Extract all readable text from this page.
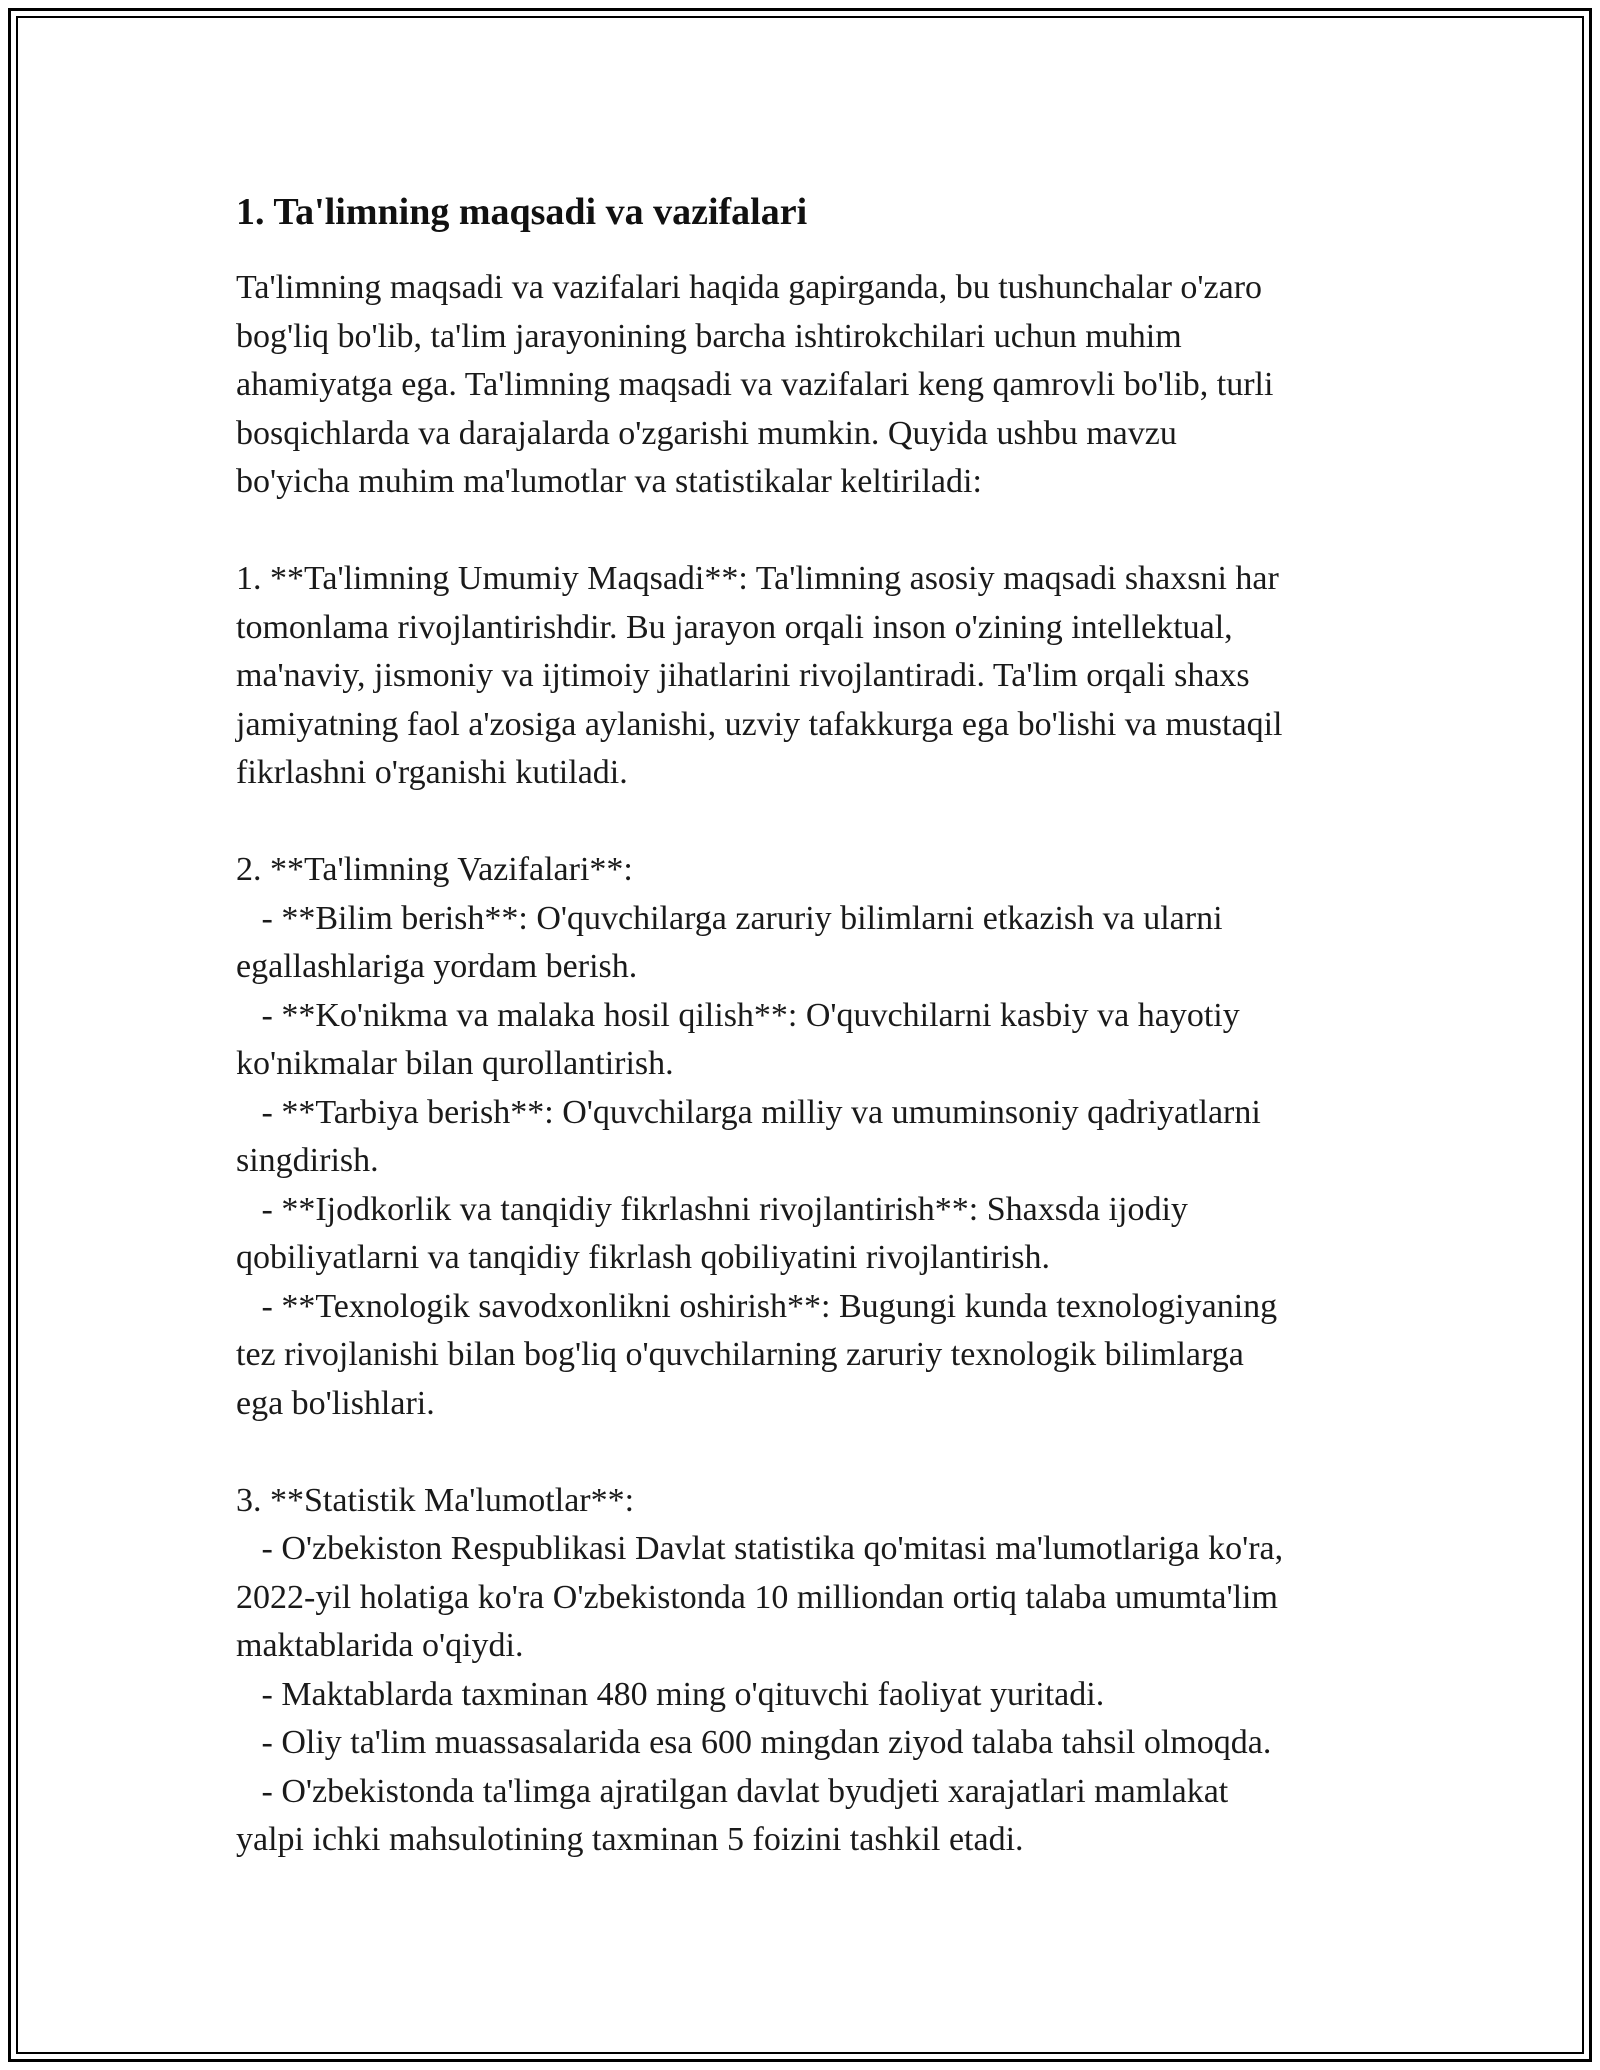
1. Ta'limning maqsadi va vazifalari

Ta'limning maqsadi va vazifalari haqida gapirganda, bu tushunchalar o'zaro
bog'liq bo'lib, ta'lim jarayonining barcha ishtirokchilari uchun muhim
ahamiyatga ega. Ta'limning maqsadi va vazifalari keng qamrovli bo'lib, turli
bosqichlarda va darajalarda o'zgarishi mumkin. Quyida ushbu mavzu
bo'yicha muhim ma'lumotlar va statistikalar keltiriladi:

1. **Ta'limning Umumiy Maqsadi**: Ta'limning asosiy maqsadi shaxsni har
tomonlama rivojlantirishdir. Bu jarayon orqali inson o'zining intellektual,
ma'naviy, jismoniy va ijtimoiy jihatlarini rivojlantiradi. Ta'lim orqali shaxs
jamiyatning faol a'zosiga aylanishi, uzviy tafakkurga ega bo'lishi va mustaqil
fikrlashni o'rganishi kutiladi.

2. **Ta'limning Vazifalari**:
- **Bilim berish**: O'quvchilarga zaruriy bilimlarni etkazish va ularni
egallashlariga yordam berish.
- **Ko'nikma va malaka hosil qilish**: O'quvchilarni kasbiy va hayotiy
ko'nikmalar bilan qurollantirish.
- **Tarbiya berish**: O'quvchilarga milliy va umuminsoniy qadriyatlarni
singdirish.
- **Ijodkorlik va tanqidiy fikrlashni rivojlantirish**: Shaxsda ijodiy
qobiliyatlarni va tanqidiy fikrlash qobiliyatini rivojlantirish.
- **Texnologik savodxonlikni oshirish**: Bugungi kunda texnologiyaning
tez rivojlanishi bilan bog'liq o'quvchilarning zaruriy texnologik bilimlarga
ega bo'lishlari.

3. **Statistik Ma'lumotlar**:
- O'zbekiston Respublikasi Davlat statistika qo'mitasi ma'lumotlariga ko'ra,
2022-yil holatiga ko'ra O'zbekistonda 10 milliondan ortiq talaba umumta'lim
maktablarida o'qiydi.
- Maktablarda taxminan 480 ming o'qituvchi faoliyat yuritadi.
- Oliy ta'lim muassasalarida esa 600 mingdan ziyod talaba tahsil olmoqda.
- O'zbekistonda ta'limga ajratilgan davlat byudjeti xarajatlari mamlakat
yalpi ichki mahsulotining taxminan 5 foizini tashkil etadi.
